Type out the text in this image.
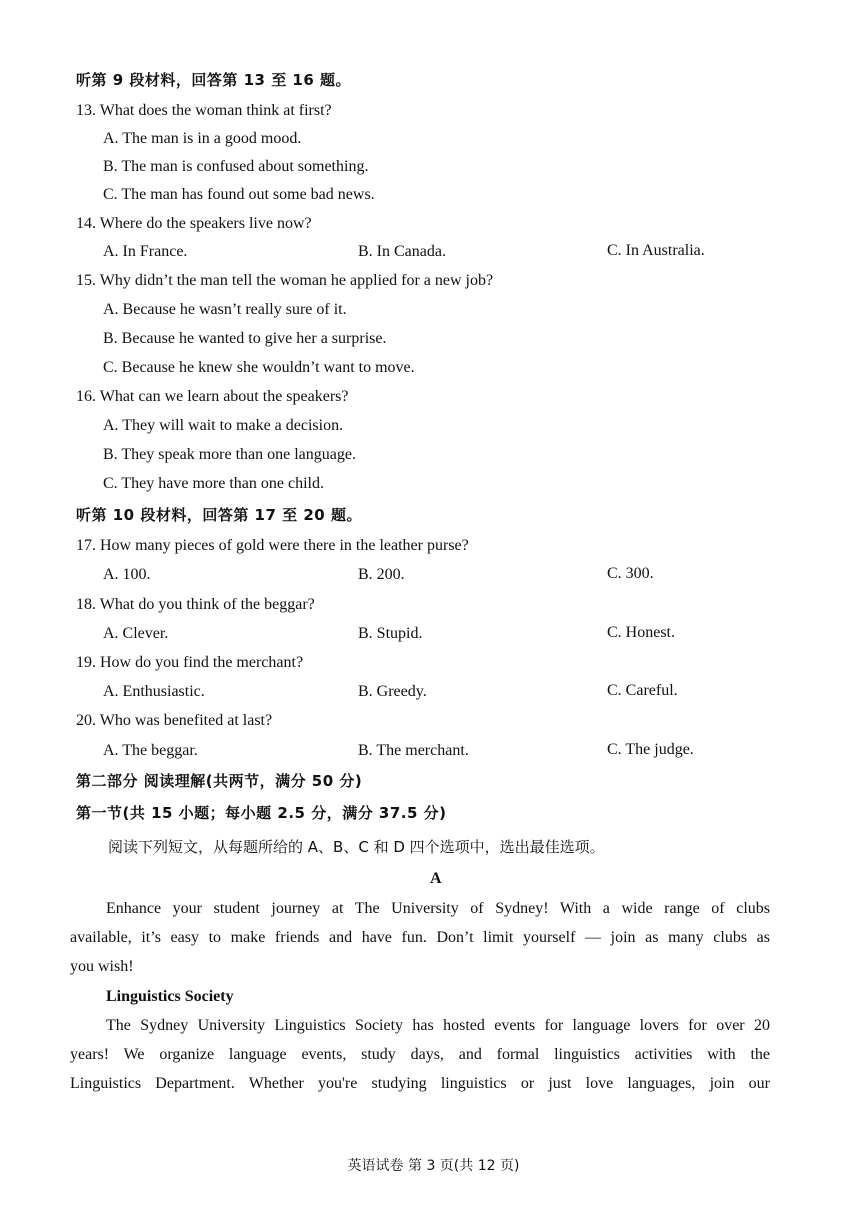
听第 9 段材料，回答第 13 至 16 题。
13. What does the woman think at first?
A. The man is in a good mood.
B. The man is confused about something.
C. The man has found out some bad news.
14. Where do the speakers live now?
A. In France.	B. In Canada.	C. In Australia.
15. Why didn’t the man tell the woman he applied for a new job?
A. Because he wasn’t really sure of it.
B. Because he wanted to give her a surprise.
C. Because he knew she wouldn’t want to move.
16. What can we learn about the speakers?
A. They will wait to make a decision.
B. They speak more than one language.
C. They have more than one child.
听第 10 段材料，回答第 17 至 20 题。
17. How many pieces of gold were there in the leather purse?
A. 100.	B. 200.	C. 300.
18. What do you think of the beggar?
A. Clever.	B. Stupid.	C. Honest.
19. How do you find the merchant?
A. Enthusiastic.	B. Greedy.	C. Careful.
20. Who was benefited at last?
A. The beggar.	B. The merchant.	C. The judge.
第二部分 阅读理解(共两节，满分 50 分)
第一节(共 15 小题；每小题 2.5 分，满分 37.5 分)
阅读下列短文，从每题所给的 A、B、C 和 D 四个选项中，选出最佳选项。
A
Enhance your student journey at The University of Sydney! With a wide range of clubs
available, it’s easy to make friends and have fun. Don’t limit yourself — join as many clubs as
you wish!
Linguistics Society
The Sydney University Linguistics Society has hosted events for language lovers for over 20
years! We organize language events, study days, and formal linguistics activities with the
Linguistics Department. Whether you're studying linguistics or just love languages, join our
英语试卷 第 3 页(共 12 页)
